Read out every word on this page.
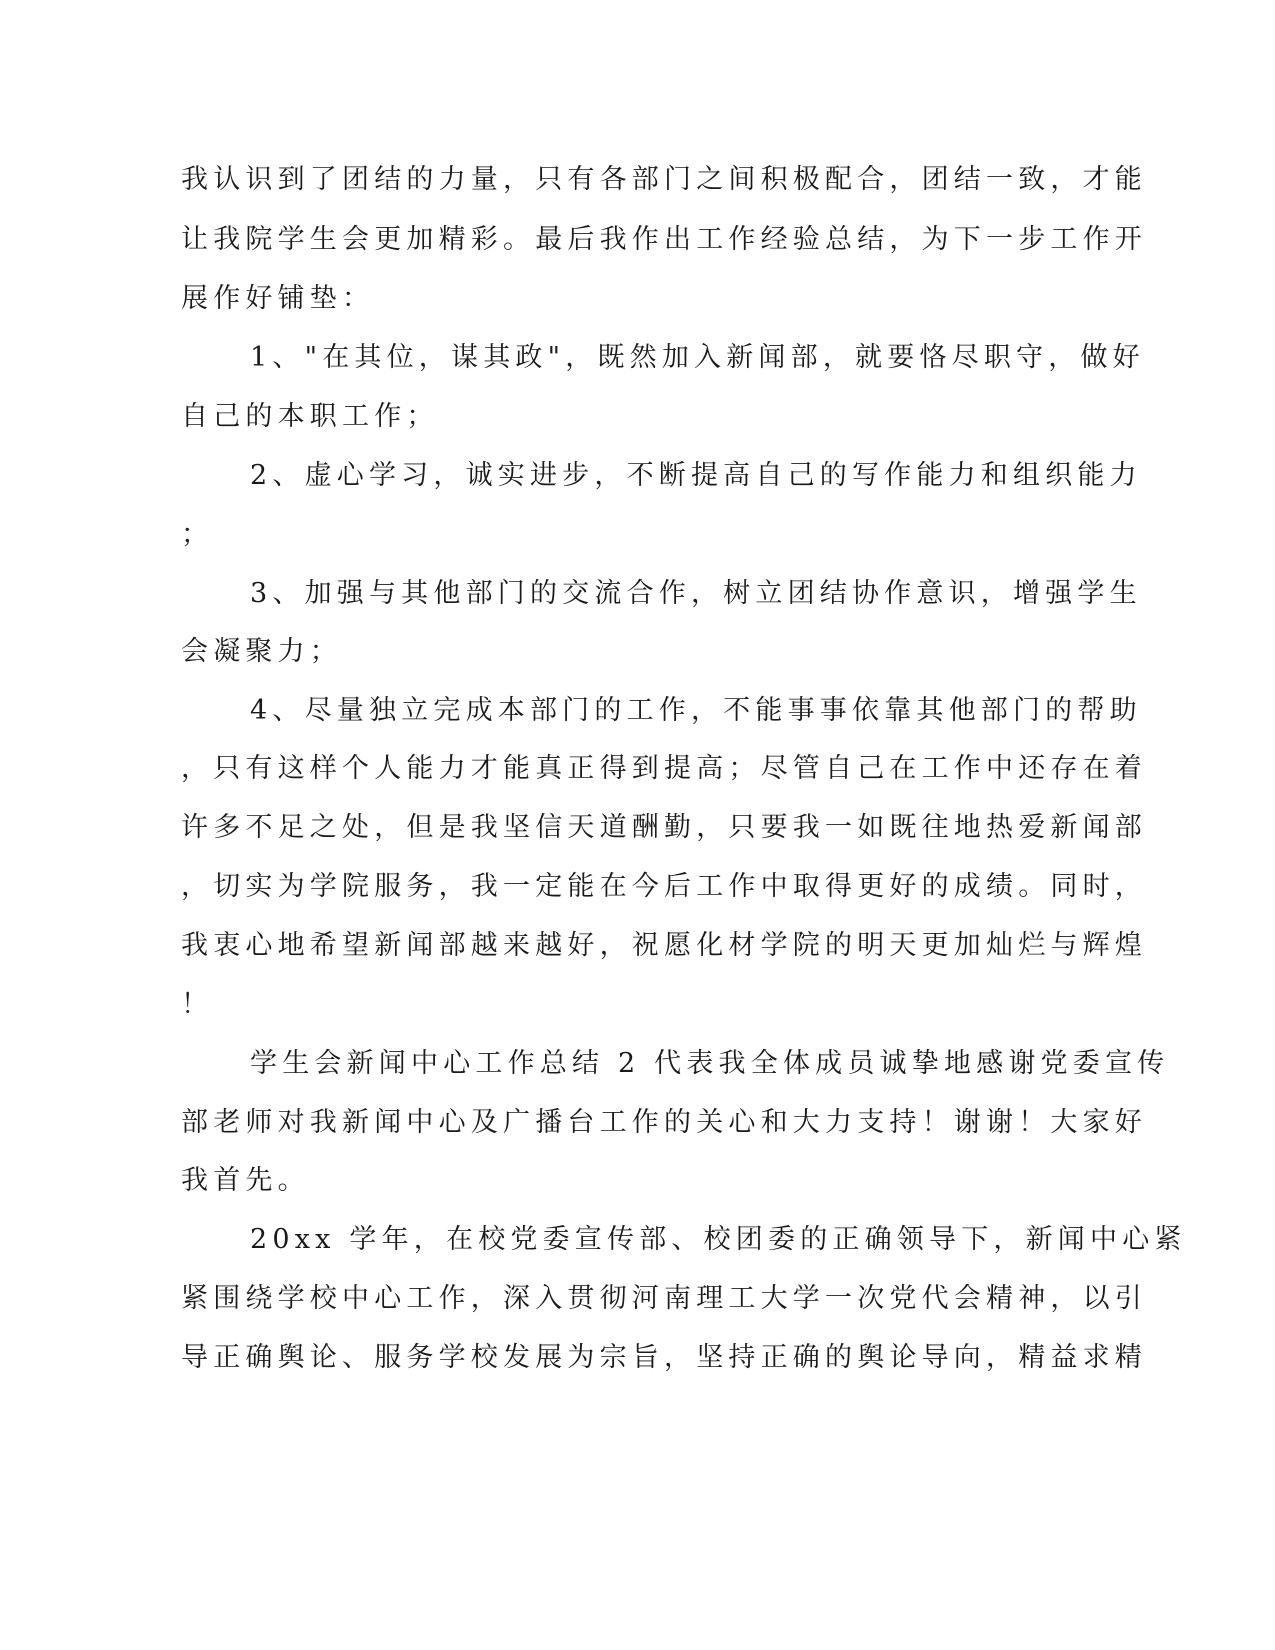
我认识到了团结的力量，只有各部门之间积极配合，团结一致，才能
让我院学生会更加精彩。最后我作出工作经验总结，为下一步工作开
展作好铺垫：
1、"在其位，谋其政"，既然加入新闻部，就要恪尽职守，做好
自己的本职工作；
2、虚心学习，诚实进步，不断提高自己的写作能力和组织能力
；
3、加强与其他部门的交流合作，树立团结协作意识，增强学生
会凝聚力；
4、尽量独立完成本部门的工作，不能事事依靠其他部门的帮助
，只有这样个人能力才能真正得到提高；尽管自己在工作中还存在着
许多不足之处，但是我坚信天道酬勤，只要我一如既往地热爱新闻部
，切实为学院服务，我一定能在今后工作中取得更好的成绩。同时，
我衷心地希望新闻部越来越好，祝愿化材学院的明天更加灿烂与辉煌
！
学生会新闻中心工作总结 2 代表我全体成员诚挚地感谢党委宣传
部老师对我新闻中心及广播台工作的关心和大力支持！谢谢！大家好
我首先。
20xx 学年，在校党委宣传部、校团委的正确领导下，新闻中心紧
紧围绕学校中心工作，深入贯彻河南理工大学一次党代会精神，以引
导正确舆论、服务学校发展为宗旨，坚持正确的舆论导向，精益求精
